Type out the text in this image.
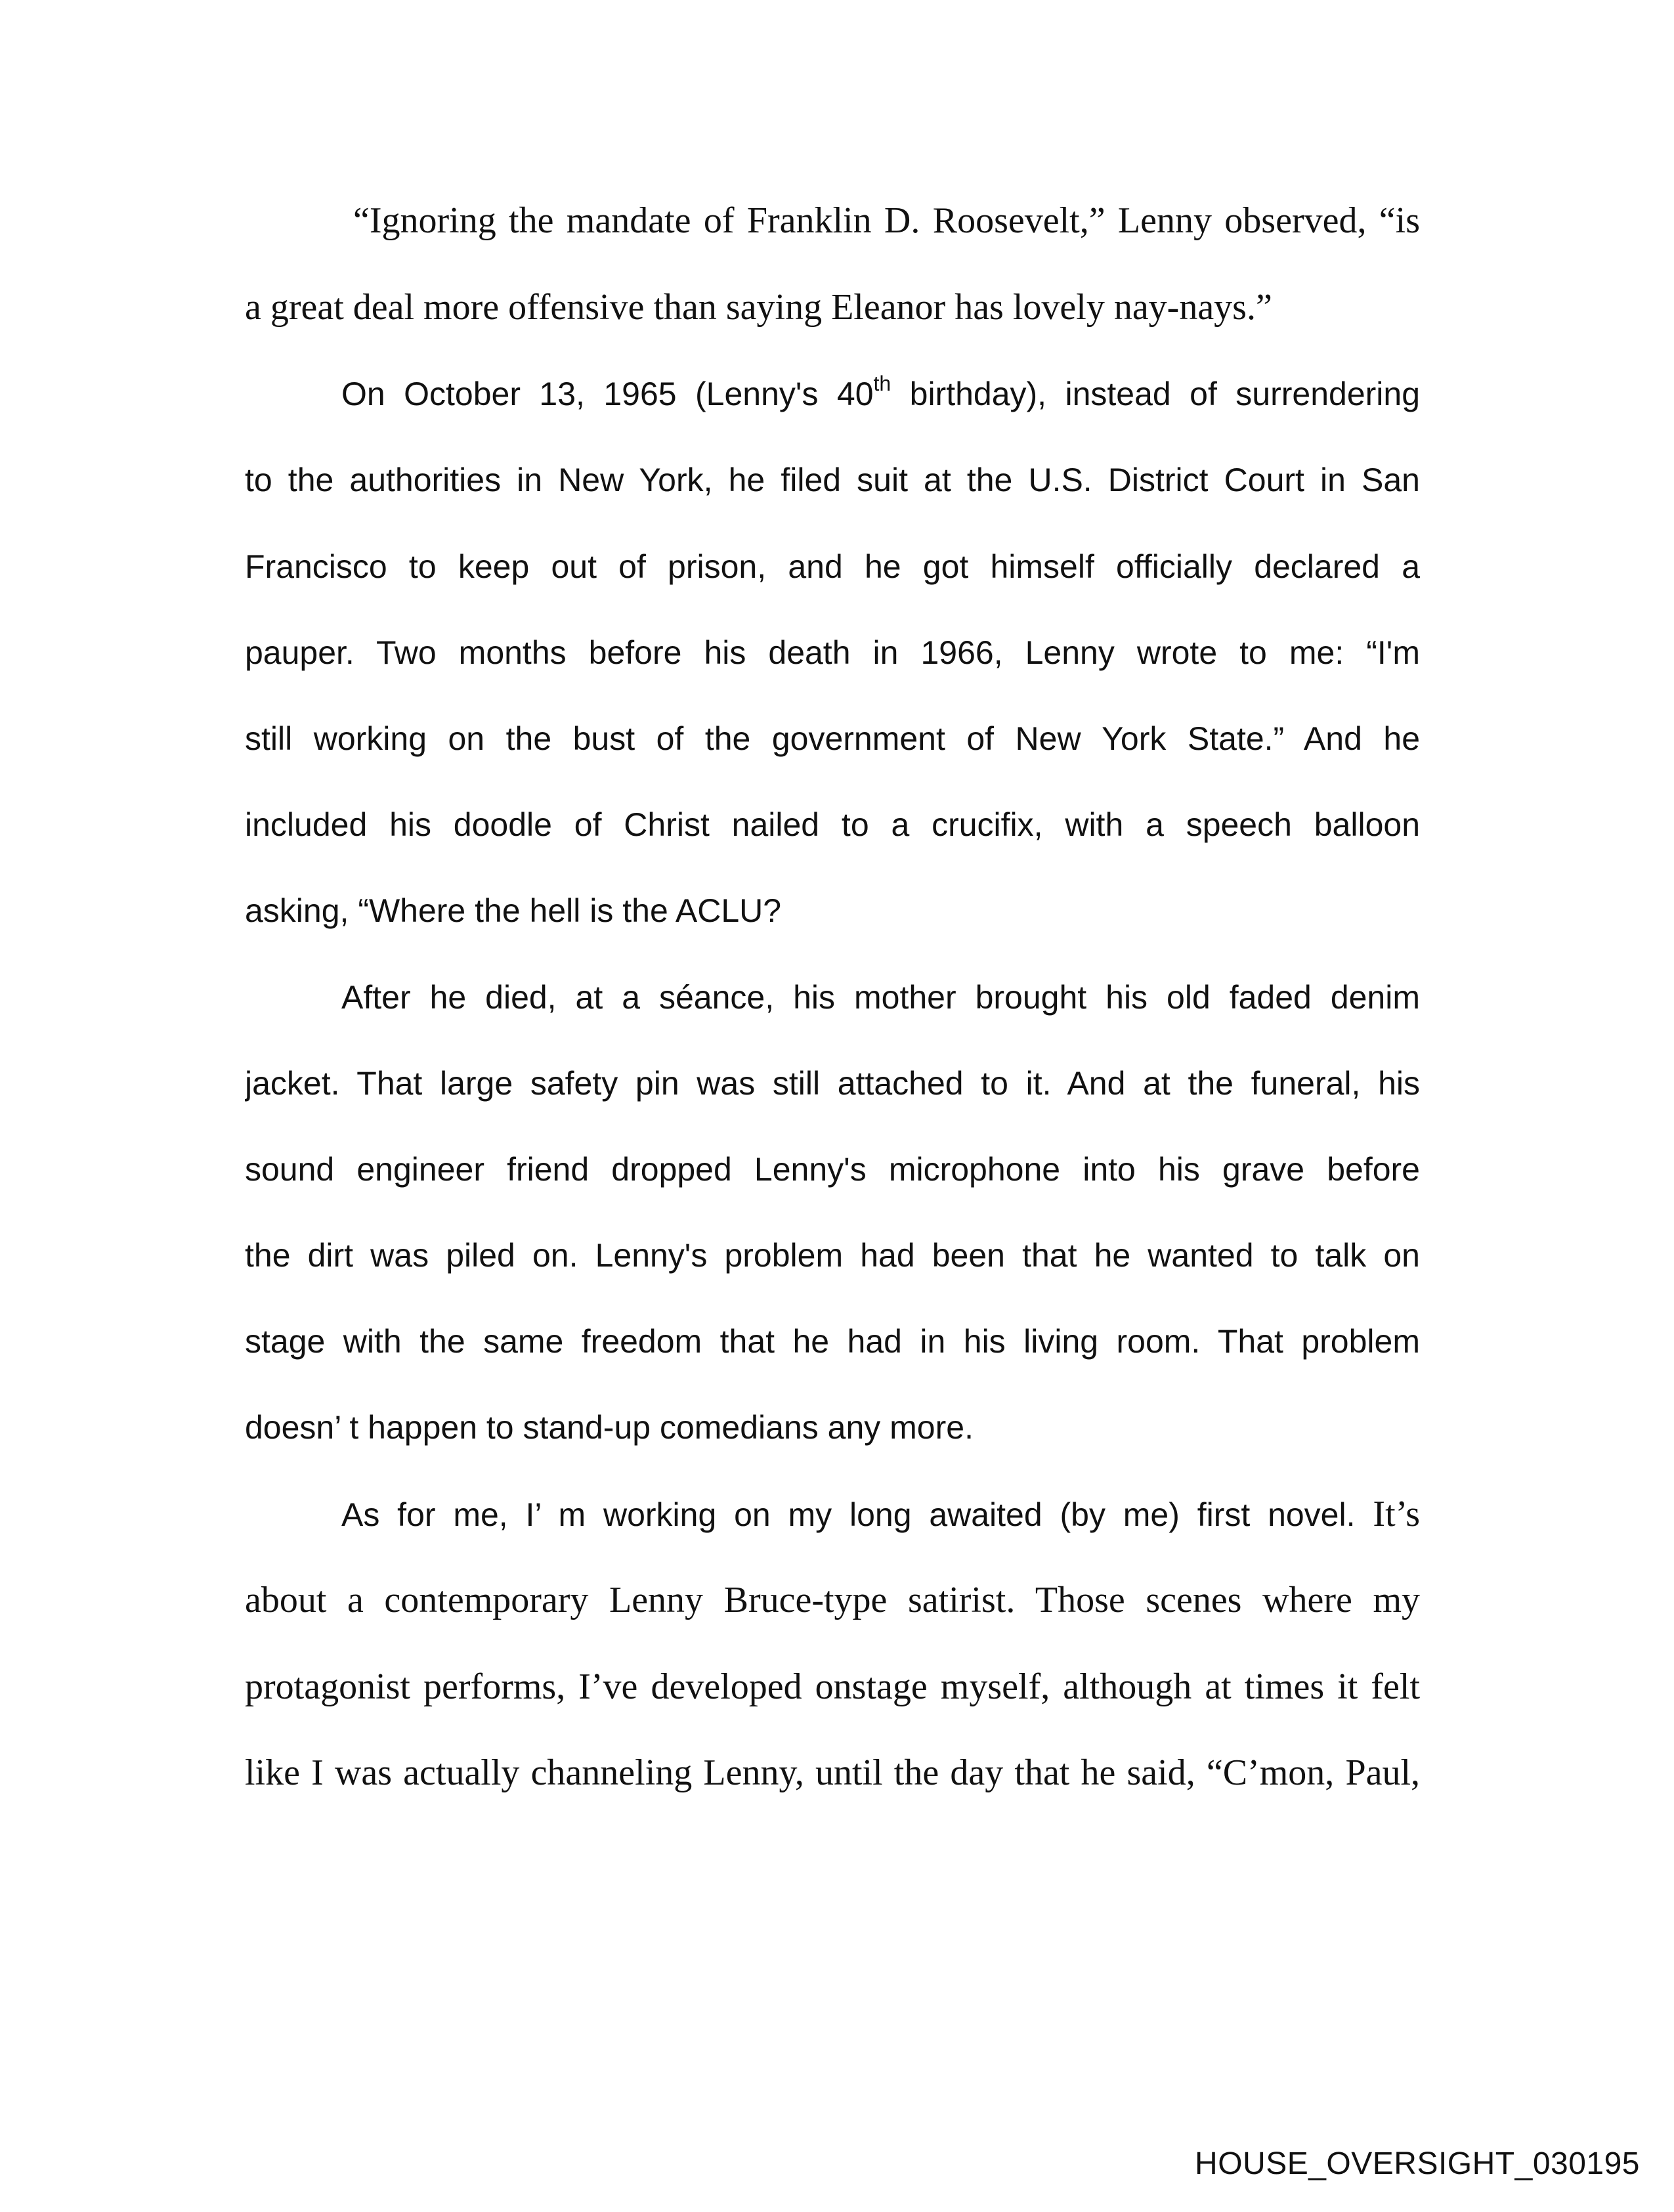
“Ignoring the mandate of Franklin D. Roosevelt,” Lenny observed, “is
a great deal more offensive than saying Eleanor has lovely nay-nays.”
On October 13, 1965 (Lenny's 40th birthday), instead of surrendering
to the authorities in New York, he filed suit at the U.S. District Court in San
Francisco to keep out of prison, and he got himself officially declared a
pauper. Two months before his death in 1966, Lenny wrote to me: “I'm
still working on the bust of the government of New York State.” And he
included his doodle of Christ nailed to a crucifix, with a speech balloon
asking, “Where the hell is the ACLU?
After he died, at a séance, his mother brought his old faded denim
jacket. That large safety pin was still attached to it. And at the funeral, his
sound engineer friend dropped Lenny's microphone into his grave before
the dirt was piled on. Lenny's problem had been that he wanted to talk on
stage with the same freedom that he had in his living room. That problem
doesn’ t happen to stand-up comedians any more.
As for me, I’ m working on my long awaited (by me) first novel. It’s
about a contemporary Lenny Bruce-type satirist. Those scenes where my
protagonist performs, I’ve developed onstage myself, although at times it felt
like I was actually channeling Lenny, until the day that he said, “C’mon, Paul,
HOUSE_OVERSIGHT_030195
